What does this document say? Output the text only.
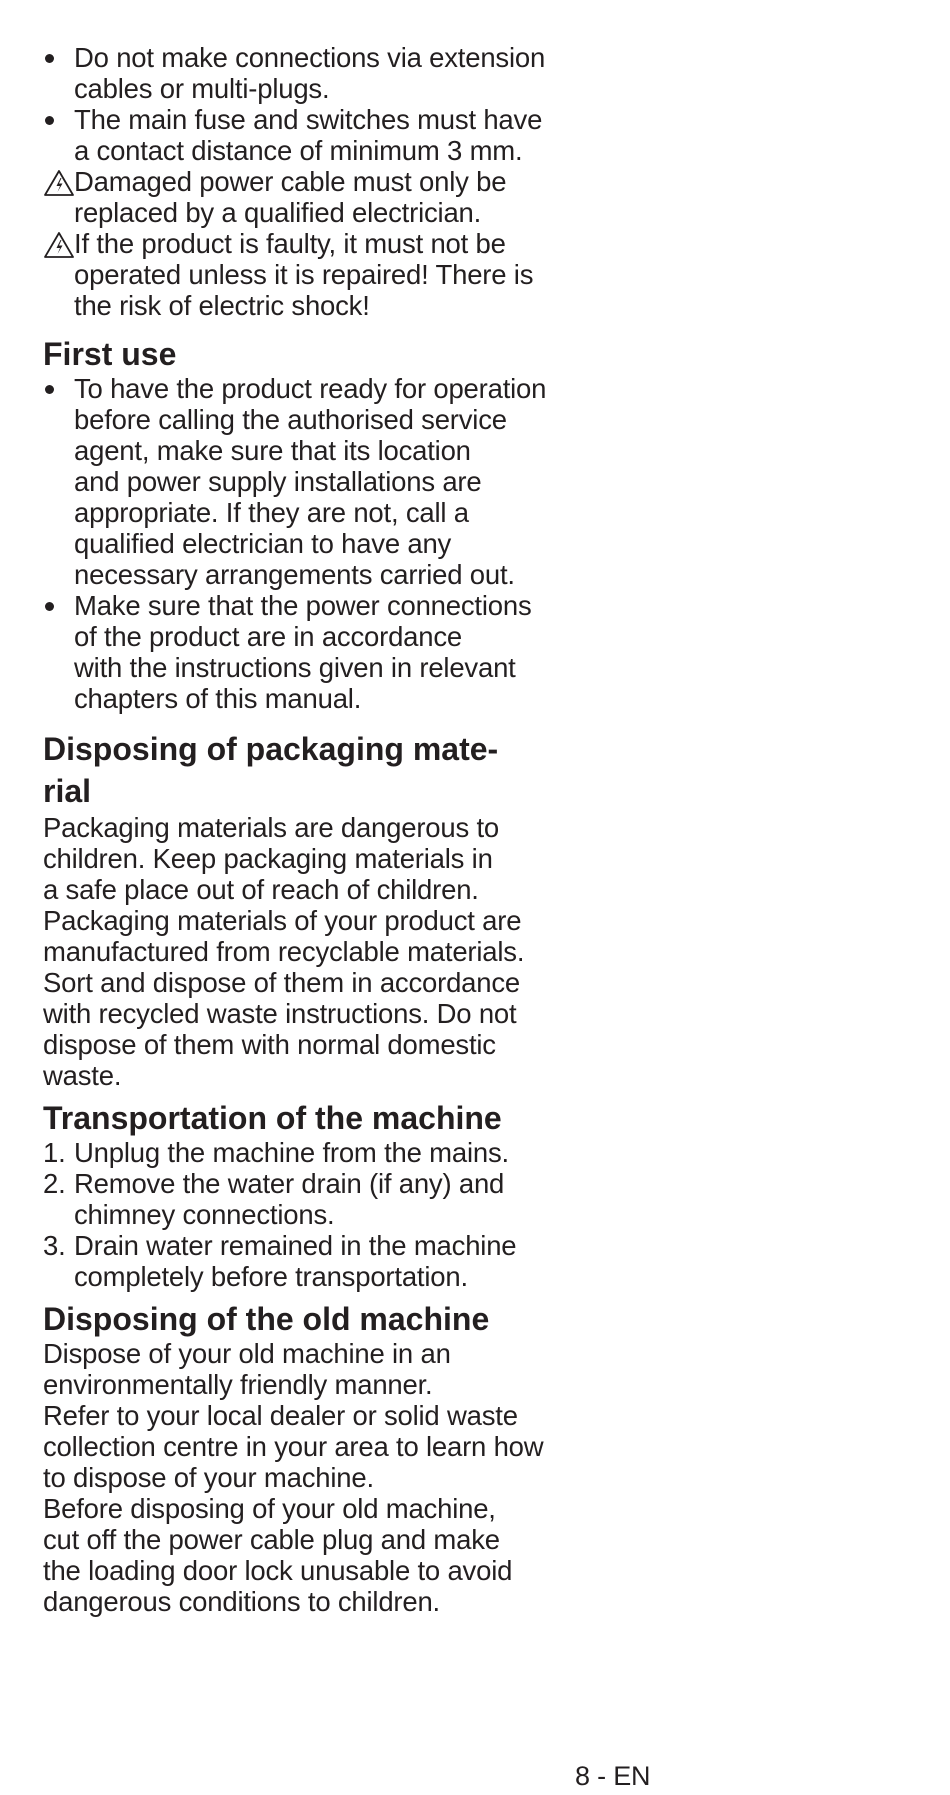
Do not make connections via extension
cables or multi-plugs.
The main fuse and switches must have
a contact distance of minimum 3 mm.
Damaged power cable must only be
replaced by a qualified electrician.
If the product is faulty, it must not be
operated unless it is repaired! There is
the risk of electric shock!
First use
To have the product ready for operation
before calling the authorised service
agent, make sure that its location
and power supply installations are
appropriate. If they are not, call a
qualified electrician to have any
necessary arrangements carried out.
Make sure that the power connections
of the product are in accordance
with the instructions given in relevant
chapters of this manual.
Disposing of packaging mate-
rial

Packaging materials are dangerous to
children. Keep packaging materials in
a safe place out of reach of children.
Packaging materials of your product are
manufactured from recyclable materials.
Sort and dispose of them in accordance
with recycled waste instructions. Do not
dispose of them with normal domestic
waste.

Transportation of the machine
1. Unplug the machine from the mains.
2. Remove the water drain (if any) and
chimney connections.
3. Drain water remained in the machine
completely before transportation.
Disposing of the old machine

Dispose of your old machine in an
environmentally friendly manner.
Refer to your local dealer or solid waste
collection centre in your area to learn how
to dispose of your machine.
Before disposing of your old machine,
cut off the power cable plug and make
the loading door lock unusable to avoid
dangerous conditions to children.

8 - EN
